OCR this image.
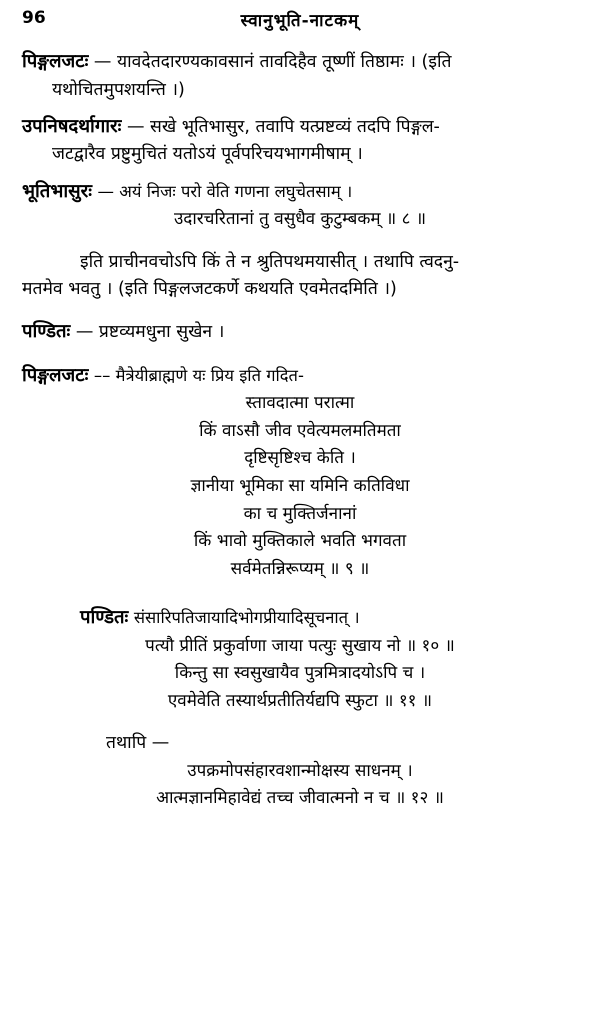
96	स्वानुभूति-नाटकम्
पिङ्गलजटः — यावदेतदारण्यकावसानं तावदिहैव तूष्णीं तिष्ठामः । (इति
यथोचितमुपशयन्ति ।)
उपनिषदर्थागारः — सखे भूतिभासुर, तवापि यत्प्रष्टव्यं तदपि पिङ्गल-
जटद्वारैव प्रष्टुमुचितं यतोऽयं पूर्वपरिचयभागमीषाम् ।
भूतिभासुरः — अयं निजः परो वेति गणना लघुचेतसाम् ।
उदारचरितानां तु वसुधैव कुटुम्बकम् ॥ ८ ॥
इति प्राचीनवचोऽपि किं ते न श्रुतिपथमयासीत् । तथापि त्वदनु-
मतमेव भवतु । (इति पिङ्गलजटकर्णे कथयति एवमेतदमिति ।)
पण्डितः — प्रष्टव्यमधुना सुखेन ।
पिङ्गलजटः –– मैत्रेयीब्राह्मणे यः प्रिय इति गदित-
स्तावदात्मा परात्मा
किं वाऽसौ जीव एवेत्यमलमतिमता
दृष्टिसृष्टिश्च केति ।
ज्ञानीया भूमिका सा यमिनि कतिविधा
का च मुक्तिर्जनानां
किं भावो मुक्तिकाले भवति भगवता
सर्वमेतन्निरूप्यम् ॥ ९ ॥
पण्डितः संसारिपतिजायादिभोगप्रीयादिसूचनात् ।
पत्यौ प्रीतिं प्रकुर्वाणा जाया पत्युः सुखाय नो ॥ १० ॥
किन्तु सा स्वसुखायैव पुत्रमित्रादयोऽपि च ।
एवमेवेति तस्यार्थप्रतीतिर्यद्यपि स्फुटा ॥ ११ ॥
तथापि —
उपक्रमोपसंहारवशान्मोक्षस्य साधनम् ।
आत्मज्ञानमिहावेद्यं तच्च जीवात्मनो न च ॥ १२ ॥
